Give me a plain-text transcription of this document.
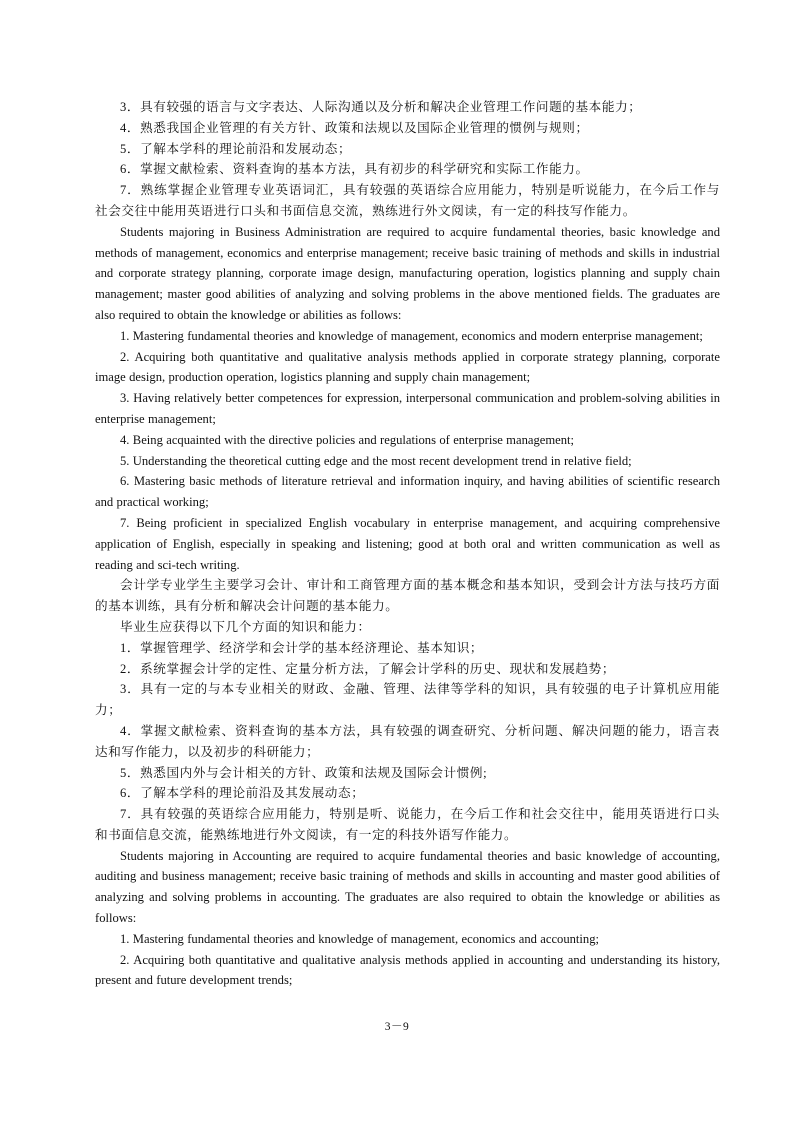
3．具有较强的语言与文字表达、人际沟通以及分析和解决企业管理工作问题的基本能力；

4．熟悉我国企业管理的有关方针、政策和法规以及国际企业管理的惯例与规则；

5．了解本学科的理论前沿和发展动态；

6．掌握文献检索、资料查询的基本方法，具有初步的科学研究和实际工作能力。

7．熟练掌握企业管理专业英语词汇，具有较强的英语综合应用能力，特别是听说能力，在今后工作与社会交往中能用英语进行口头和书面信息交流，熟练进行外文阅读，有一定的科技写作能力。

Students majoring in Business Administration are required to acquire fundamental theories, basic knowledge and methods of management, economics and enterprise management; receive basic training of methods and skills in industrial and corporate strategy planning, corporate image design, manufacturing operation, logistics planning and supply chain management; master good abilities of analyzing and solving problems in the above mentioned fields. The graduates are also required to obtain the knowledge or abilities as follows:

1. Mastering fundamental theories and knowledge of management, economics and modern enterprise management;

2. Acquiring both quantitative and qualitative analysis methods applied in corporate strategy planning, corporate image design, production operation, logistics planning and supply chain management;

3. Having relatively better competences for expression, interpersonal communication and problem-solving abilities in enterprise management;

4. Being acquainted with the directive policies and regulations of enterprise management;

5. Understanding the theoretical cutting edge and the most recent development trend in relative field;

6. Mastering basic methods of literature retrieval and information inquiry, and having abilities of scientific research and practical working;

7. Being proficient in specialized English vocabulary in enterprise management, and acquiring comprehensive application of English, especially in speaking and listening; good at both oral and written communication as well as reading and sci-tech writing.

会计学专业学生主要学习会计、审计和工商管理方面的基本概念和基本知识，受到会计方法与技巧方面的基本训练，具有分析和解决会计问题的基本能力。

毕业生应获得以下几个方面的知识和能力：

1．掌握管理学、经济学和会计学的基本经济理论、基本知识；

2．系统掌握会计学的定性、定量分析方法，了解会计学科的历史、现状和发展趋势；

3．具有一定的与本专业相关的财政、金融、管理、法律等学科的知识，具有较强的电子计算机应用能力；

4．掌握文献检索、资料查询的基本方法，具有较强的调查研究、分析问题、解决问题的能力，语言表达和写作能力，以及初步的科研能力；

5．熟悉国内外与会计相关的方针、政策和法规及国际会计惯例;

6．了解本学科的理论前沿及其发展动态；

7．具有较强的英语综合应用能力，特别是听、说能力，在今后工作和社会交往中，能用英语进行口头和书面信息交流，能熟练地进行外文阅读，有一定的科技外语写作能力。

Students majoring in Accounting are required to acquire fundamental theories and basic knowledge of accounting, auditing and business management; receive basic training of methods and skills in accounting and master good abilities of analyzing and solving problems in accounting. The graduates are also required to obtain the knowledge or abilities as follows:

1. Mastering fundamental theories and knowledge of management, economics and accounting;

2. Acquiring both quantitative and qualitative analysis methods applied in accounting and understanding its history, present and future development trends;

3－9
